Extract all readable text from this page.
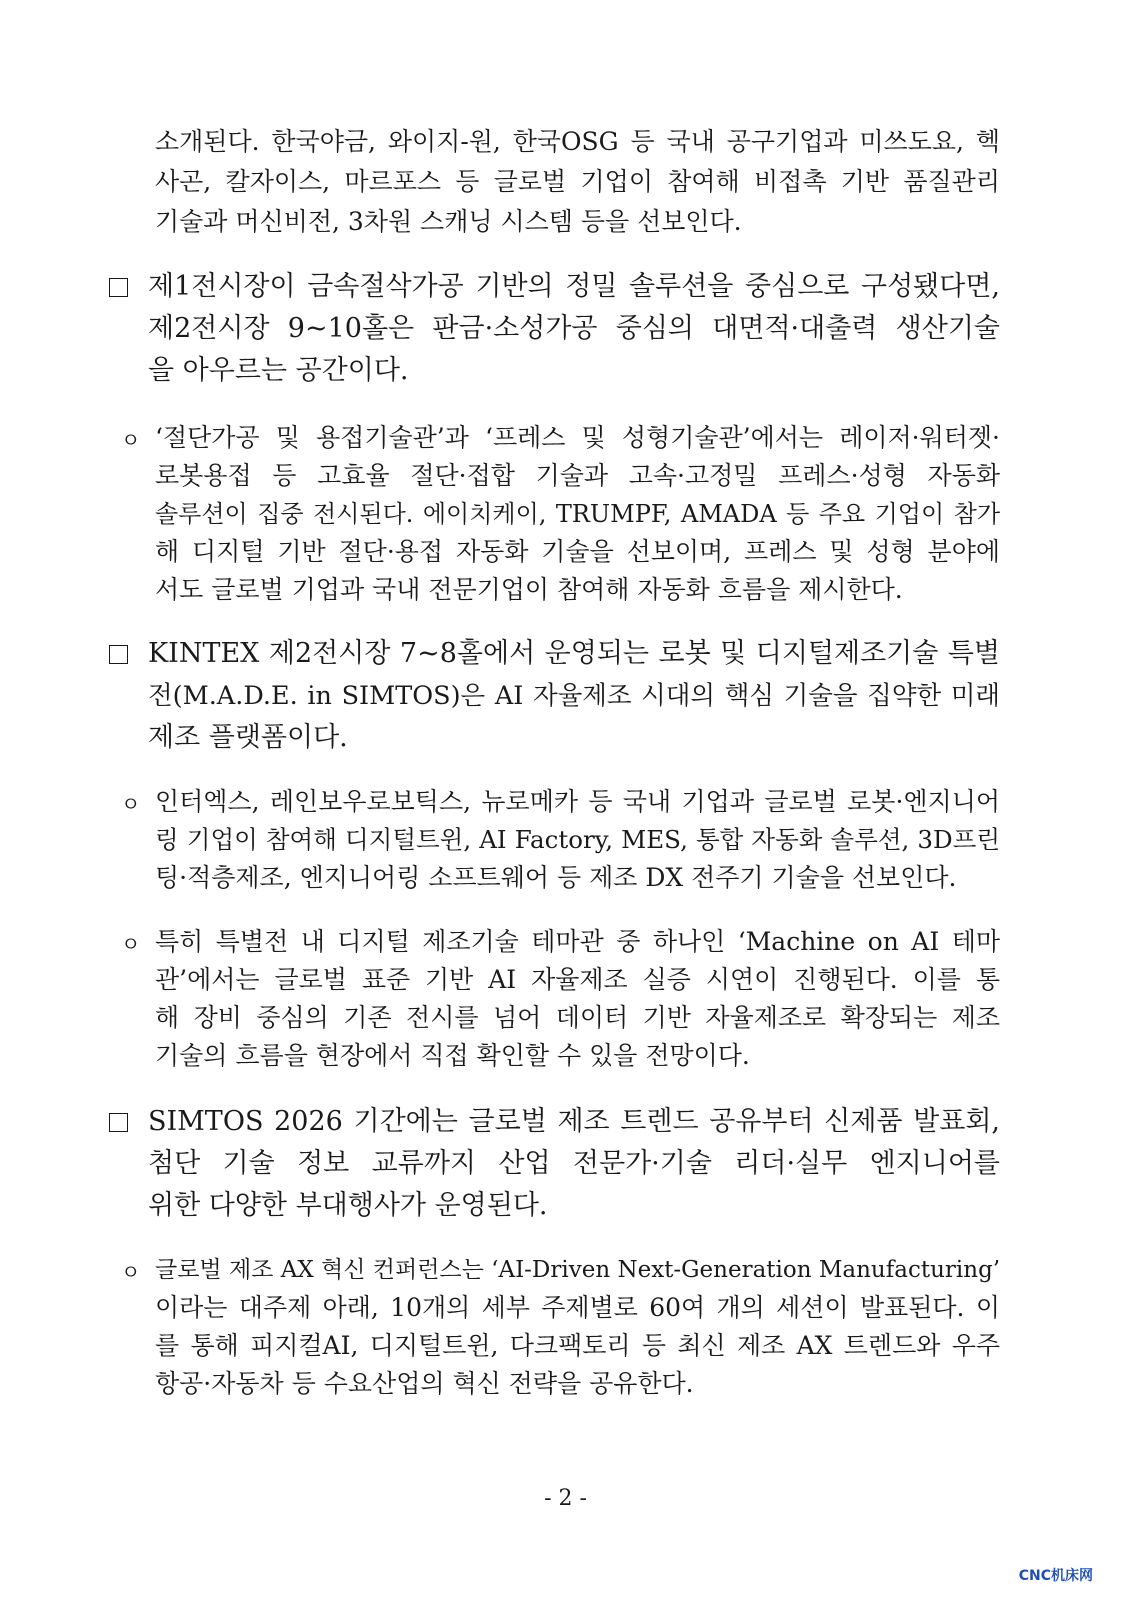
소개된다. 한국야금, 와이지-원, 한국OSG 등 국내 공구기업과 미쓰도요, 헥
사곤, 칼자이스, 마르포스 등 글로벌 기업이 참여해 비접촉 기반 품질관리
기술과 머신비전, 3차원 스캐닝 시스템 등을 선보인다.
제1전시장이 금속절삭가공 기반의 정밀 솔루션을 중심으로 구성됐다면,
제2전시장 9~10홀은 판금·소성가공 중심의 대면적·대출력 생산기술
을 아우르는 공간이다.
ㅇ ‘절단가공 및 용접기술관’과 ‘프레스 및 성형기술관’에서는 레이저·워터젯·
로봇용접 등 고효율 절단·접합 기술과 고속·고정밀 프레스·성형 자동화
솔루션이 집중 전시된다. 에이치케이, TRUMPF, AMADA 등 주요 기업이 참가
해 디지털 기반 절단·용접 자동화 기술을 선보이며, 프레스 및 성형 분야에
서도 글로벌 기업과 국내 전문기업이 참여해 자동화 흐름을 제시한다.
KINTEX 제2전시장 7~8홀에서 운영되는 로봇 및 디지털제조기술 특별
전(M.A.D.E. in SIMTOS)은 AI 자율제조 시대의 핵심 기술을 집약한 미래
제조 플랫폼이다.
ㅇ 인터엑스, 레인보우로보틱스, 뉴로메카 등 국내 기업과 글로벌 로봇·엔지니어
링 기업이 참여해 디지털트윈, AI Factory, MES, 통합 자동화 솔루션, 3D프린
팅·적층제조, 엔지니어링 소프트웨어 등 제조 DX 전주기 기술을 선보인다.
ㅇ 특히 특별전 내 디지털 제조기술 테마관 중 하나인 ‘Machine on AI 테마
관’에서는 글로벌 표준 기반 AI 자율제조 실증 시연이 진행된다. 이를 통
해 장비 중심의 기존 전시를 넘어 데이터 기반 자율제조로 확장되는 제조
기술의 흐름을 현장에서 직접 확인할 수 있을 전망이다.
SIMTOS 2026 기간에는 글로벌 제조 트렌드 공유부터 신제품 발표회,
첨단 기술 정보 교류까지 산업 전문가·기술 리더·실무 엔지니어를
위한 다양한 부대행사가 운영된다.
ㅇ 글로벌 제조 AX 혁신 컨퍼런스는 ‘AI-Driven Next-Generation Manufacturing’
이라는 대주제 아래, 10개의 세부 주제별로 60여 개의 세션이 발표된다. 이
를 통해 피지컬AI, 디지털트윈, 다크팩토리 등 최신 제조 AX 트렌드와 우주
항공·자동차 등 수요산업의 혁신 전략을 공유한다.
- 2 -
CNC机床网
